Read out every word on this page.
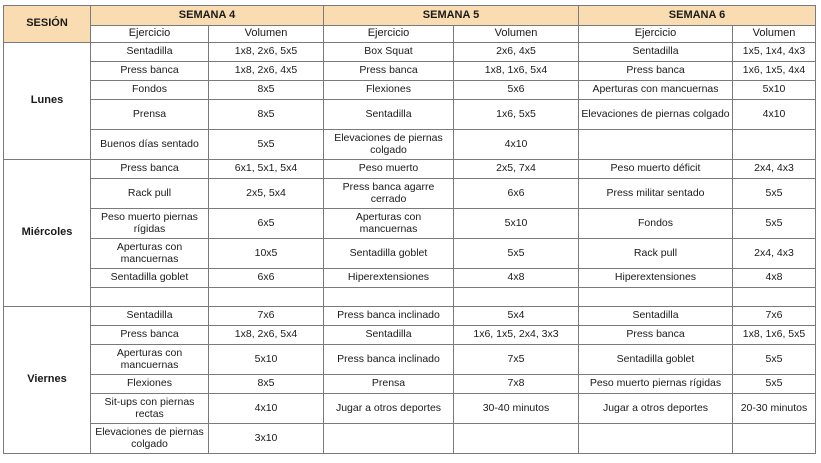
SESIÓN	SEMANA 4		SEMANA 5		SEMANA 6	
	Ejercicio	Volumen	Ejercicio	Volumen	Ejercicio	Volumen
Lunes	Sentadilla	1x8, 2x6, 5x5	Box Squat	2x6, 4x5	Sentadilla	1x5, 1x4, 4x3
	Press banca	1x8, 2x6, 4x5	Press banca	1x8, 1x6, 5x4	Press banca	1x6, 1x5, 4x4
	Fondos	8x5	Flexiones	5x6	Aperturas con mancuernas	5x10
	Prensa	8x5	Sentadilla	1x6, 5x5	Elevaciones de piernas colgado	4x10
	Buenos días sentado	5x5	Elevaciones de piernas colgado	4x10		
Miércoles	Press banca	6x1, 5x1, 5x4	Peso muerto	2x5, 7x4	Peso muerto déficit	2x4, 4x3
	Rack pull	2x5, 5x4	Press banca agarre cerrado	6x6	Press militar sentado	5x5
	Peso muerto piernas rígidas	6x5	Aperturas con mancuernas	5x10	Fondos	5x5
	Aperturas con mancuernas	10x5	Sentadilla goblet	5x5	Rack pull	2x4, 4x3
	Sentadilla goblet	6x6	Hiperextensiones	4x8	Hiperextensiones	4x8

Viernes	Sentadilla	7x6	Press banca inclinado	5x4	Sentadilla	7x6
	Press banca	1x8, 2x6, 5x4	Sentadilla	1x6, 1x5, 2x4, 3x3	Press banca	1x8, 1x6, 5x5
	Aperturas con mancuernas	5x10	Press banca inclinado	7x5	Sentadilla goblet	5x5
	Flexiones	8x5	Prensa	7x8	Peso muerto piernas rígidas	5x5
	Sit-ups con piernas rectas	4x10	Jugar a otros deportes	30-40 minutos	Jugar a otros deportes	20-30 minutos
	Elevaciones de piernas colgado	3x10				
